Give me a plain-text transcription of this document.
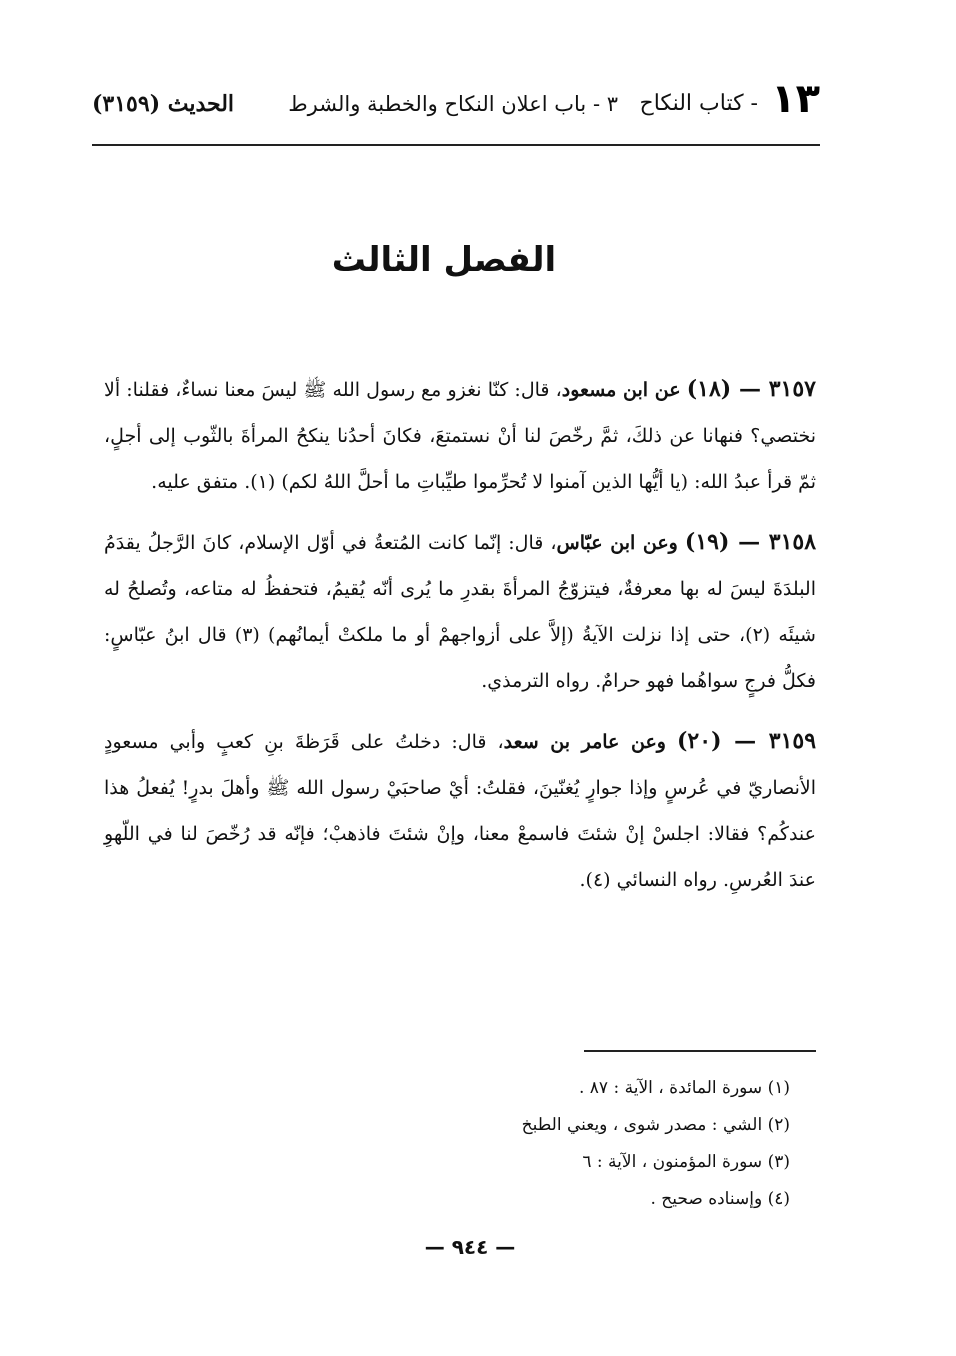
١٣
- كتاب النكاح
٣ - باب اعلان النكاح والخطبة والشرط
الحديث (٣١٥٩)
الفصل الثالث

٣١٥٧ — (١٨) عن ابن مسعود، قال: كنّا نغزو مع رسول الله ﷺ ليسَ معنا نساءٌ، فقلنا: ألا نختصي؟ فنهانا عن ذلكَ، ثمَّ رخّصَ لنا أنْ نستمتعَ، فكانَ أحدُنا ينكحُ المرأةَ بالثّوب إلى أجلٍ، ثمّ قرأ عبدُ الله: (يا أيُّها الذين آمنوا لا تُحرِّموا طيِّباتِ ما أحلَّ اللهُ لكم) (١). متفق عليه.

٣١٥٨ — (١٩) وعن ابن عبّاس، قال: إنّما كانت المُتعةُ في أوّل الإسلام، كانَ الرَّجلُ يقدَمُ البلدَةَ ليسَ له بها معرفةٌ، فيتزوّجُ المرأةَ بقدرِ ما يُرى أنّه يُقيمُ، فتحفظُ له متاعه، وتُصلحُ له شيئَه (٢)، حتى إذا نزلت الآيةُ (إلاَّ على أزواجهمْ أو ما ملكتْ أيمانُهم) (٣) قال ابنُ عبّاسٍ: فكلُّ فرجٍ سواهُما فهو حرامٌ. رواه الترمذي.

٣١٥٩ — (٢٠) وعن عامر بن سعد، قال: دخلتُ على قَرَظةَ بنِ كعبٍ وأبي مسعودٍ الأنصاريّ في عُرسٍ وإذا جوارٍ يُغنّينَ، فقلتُ: أيْ صاحبَيْ رسول الله ﷺ وأهلَ بدرٍ! يُفعلُ هذا عندكُم؟ فقالا: اجلسْ إنْ شئتَ فاسمعْ معنا، وإنْ شئتَ فاذهبْ؛ فإنّه قد رُخّصَ لنا في اللّهوِ عندَ العُرسِ. رواه النسائي (٤).

(١) سورة المائدة ، الآية : ٨٧ .
(٢) الشي : مصدر شوى ، ويعني الطبخ
(٣) سورة المؤمنون ، الآية : ٦
(٤) وإسناده صحيح .
— ٩٤٤ —
